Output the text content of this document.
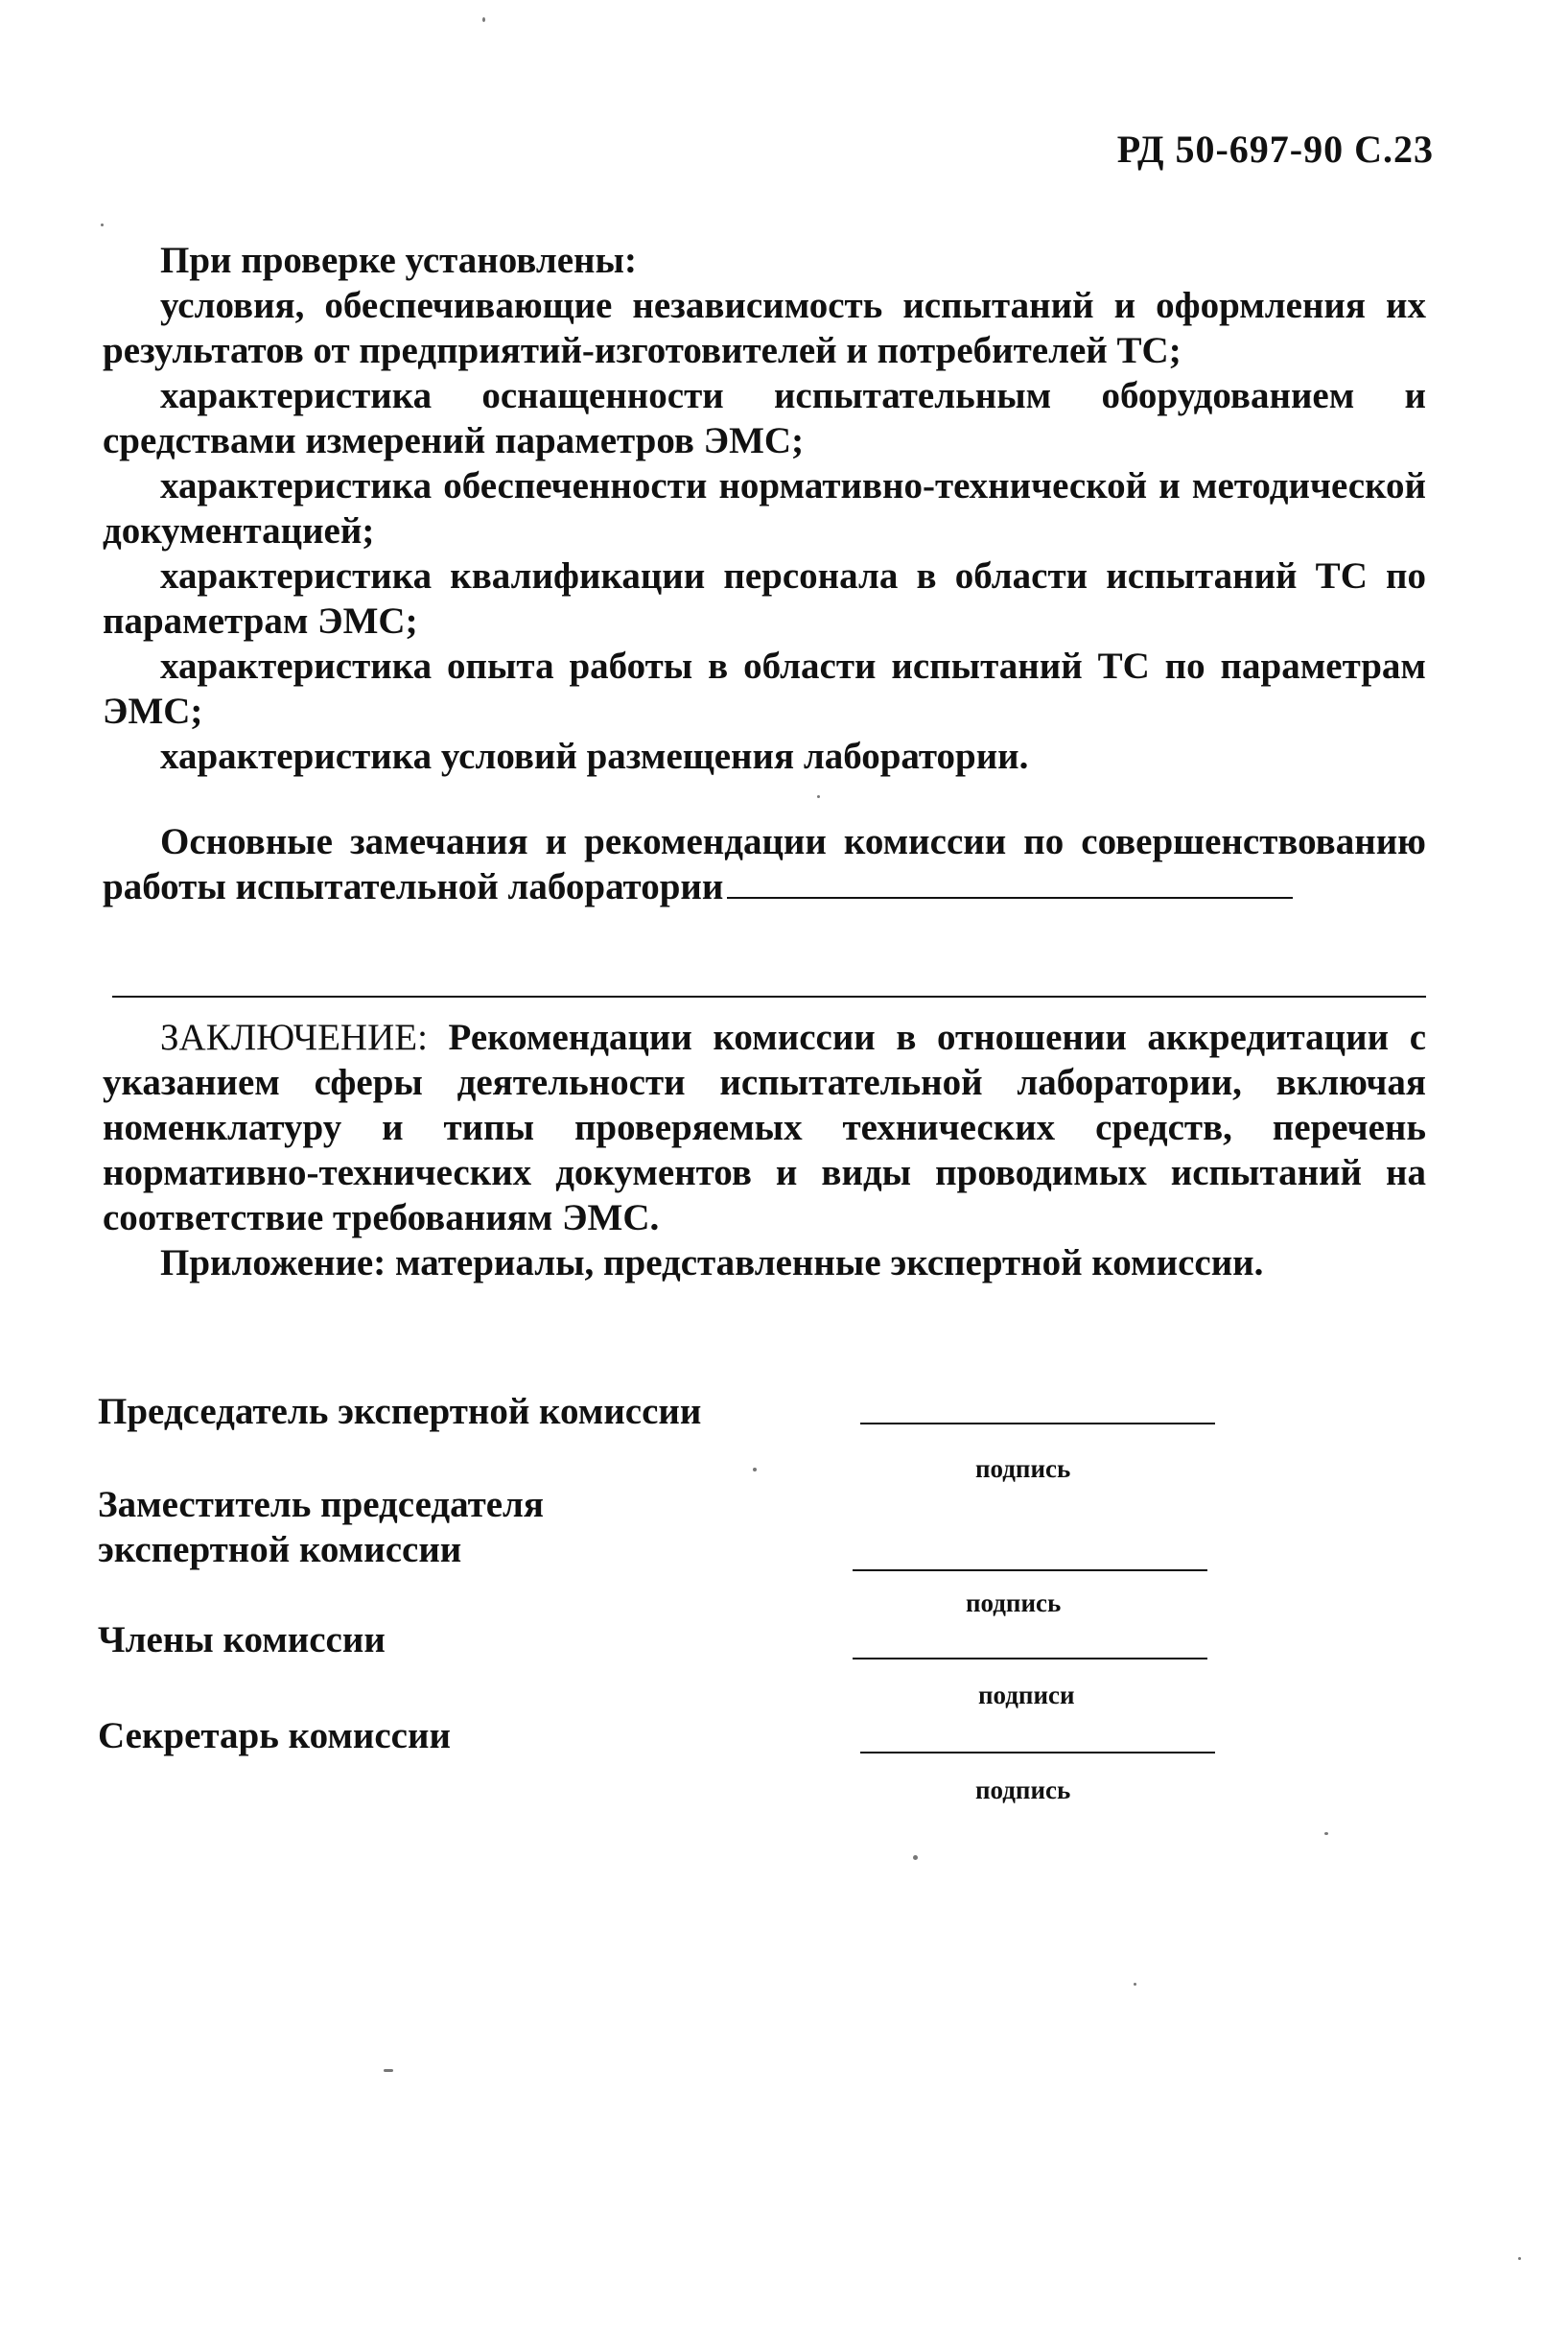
РД 50-697-90 С.23

При проверке установлены:

условия, обеспечивающие независимость испытаний и оформления их результатов от предприятий-изготовителей и потребителей ТС;

характеристика оснащенности испытательным оборудованием и средствами измерений параметров ЭМС;

характеристика обеспеченности нормативно-технической и методической документацией;

характеристика квалификации персонала в области испытаний ТС по параметрам ЭМС;

характеристика опыта работы в области испытаний ТС по параметрам ЭМС;

характеристика условий размещения лаборатории.

Основные замечания и рекомендации комиссии по совершенствованию работы испытательной лаборатории

ЗАКЛЮЧЕНИЕ: Рекомендации комиссии в отношении аккредитации с указанием сферы деятельности испытательной лаборатории, включая номенклатуру и типы проверяемых технических средств, перечень нормативно-технических документов и виды проводимых испытаний на соответствие требованиям ЭМС.

Приложение: материалы, представленные экспертной комиссии.

Председатель экспертной комиссии
подпись
Заместитель председателя
экспертной комиссии
подпись
Члены комиссии
подписи
Секретарь комиссии
подпись
